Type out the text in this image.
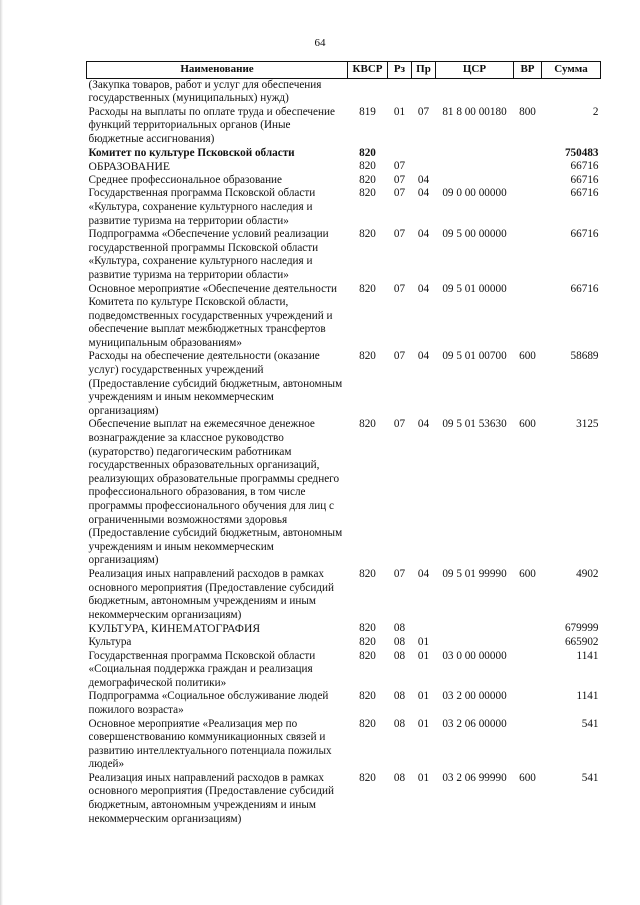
64
Наименование	КВСР	Рз	Пр	ЦСР	ВР	Сумма
(Закупка товаров, работ и услуг для обеспечения государственных (муниципальных) нужд)						
Расходы на выплаты по оплате труда и обеспечение функций территориальных органов (Иные бюджетные ассигнования)	819	01	07	81 8 00 00180	800	2
Комитет по культуре Псковской области	820					750483
ОБРАЗОВАНИЕ	820	07				66716
Среднее профессиональное образование	820	07	04			66716
Государственная программа Псковской области «Культура, сохранение культурного наследия и развитие туризма на территории области»	820	07	04	09 0 00 00000		66716
Подпрограмма «Обеспечение условий реализации государственной программы Псковской области «Культура, сохранение культурного наследия и развитие туризма на территории области»	820	07	04	09 5 00 00000		66716
Основное мероприятие «Обеспечение деятельности Комитета по культуре Псковской области, подведомственных государственных учреждений и обеспечение выплат межбюджетных трансфертов муниципальным образованиям»	820	07	04	09 5 01 00000		66716
Расходы на обеспечение деятельности (оказание услуг) государственных учреждений (Предоставление субсидий бюджетным, автономным учреждениям и иным некоммерческим организациям)	820	07	04	09 5 01 00700	600	58689
Обеспечение выплат на ежемесячное денежное вознаграждение за классное руководство (кураторство) педагогическим работникам государственных образовательных организаций, реализующих образовательные программы среднего профессионального образования, в том числе программы профессионального обучения для лиц с ограниченными возможностями здоровья (Предоставление субсидий бюджетным, автономным учреждениям и иным некоммерческим организациям)	820	07	04	09 5 01 53630	600	3125
Реализация иных направлений расходов в рамках основного мероприятия (Предоставление субсидий бюджетным, автономным учреждениям и иным некоммерческим организациям)	820	07	04	09 5 01 99990	600	4902
КУЛЬТУРА, КИНЕМАТОГРАФИЯ	820	08				679999
Культура	820	08	01			665902
Государственная программа Псковской области «Социальная поддержка граждан и реализация демографической политики»	820	08	01	03 0 00 00000		1141
Подпрограмма «Социальное обслуживание людей пожилого возраста»	820	08	01	03 2 00 00000		1141
Основное мероприятие «Реализация мер по совершенствованию коммуникационных связей и развитию интеллектуального потенциала пожилых людей»	820	08	01	03 2 06 00000		541
Реализация иных направлений расходов в рамках основного мероприятия (Предоставление субсидий бюджетным, автономным учреждениям и иным некоммерческим организациям)	820	08	01	03 2 06 99990	600	541
